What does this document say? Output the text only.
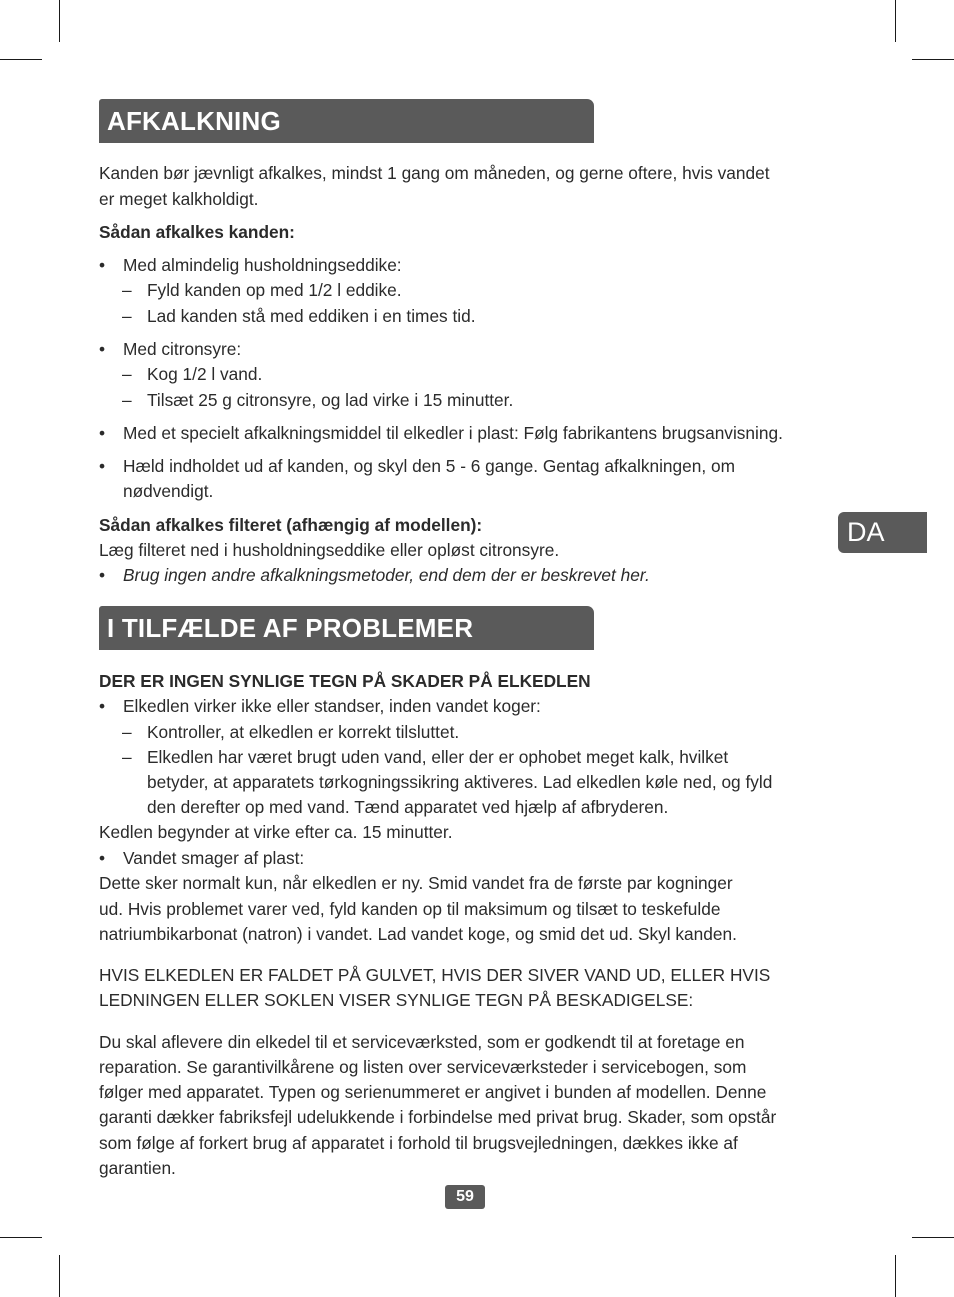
AFKALKNING
Kanden bør jævnligt afkalkes, mindst 1 gang om måneden, og gerne oftere, hvis vandet
er meget kalkholdigt.
Sådan afkalkes kanden:
• Med almindelig husholdningseddike:
– Fyld kanden op med 1/2 l eddike.
– Lad kanden stå med eddiken i en times tid.
• Med citronsyre:
– Kog 1/2 l vand.
– Tilsæt 25 g citronsyre, og lad virke i 15 minutter.
• Med et specielt afkalkningsmiddel til elkedler i plast: Følg fabrikantens brugsanvisning.
• Hæld indholdet ud af kanden, og skyl den 5 - 6 gange. Gentag afkalkningen, om
nødvendigt.
Sådan afkalkes filteret (afhængig af modellen):
Læg filteret ned i husholdningseddike eller opløst citronsyre.
• Brug ingen andre afkalkningsmetoder, end dem der er beskrevet her.
I TILFÆLDE AF PROBLEMER
DER ER INGEN SYNLIGE TEGN PÅ SKADER PÅ ELKEDLEN
• Elkedlen virker ikke eller standser, inden vandet koger:
– Kontroller, at elkedlen er korrekt tilsluttet.
– Elkedlen har været brugt uden vand, eller der er ophobet meget kalk, hvilket
betyder, at apparatets tørkogningssikring aktiveres. Lad elkedlen køle ned, og fyld
den derefter op med vand. Tænd apparatet ved hjælp af afbryderen.
Kedlen begynder at virke efter ca. 15 minutter.
• Vandet smager af plast:
Dette sker normalt kun, når elkedlen er ny. Smid vandet fra de første par kogninger
ud. Hvis problemet varer ved, fyld kanden op til maksimum og tilsæt to teskefulde
natriumbikarbonat (natron) i vandet. Lad vandet koge, og smid det ud. Skyl kanden.
HVIS ELKEDLEN ER FALDET PÅ GULVET, HVIS DER SIVER VAND UD, ELLER HVIS
LEDNINGEN ELLER SOKLEN VISER SYNLIGE TEGN PÅ BESKADIGELSE:
Du skal aflevere din elkedel til et serviceværksted, som er godkendt til at foretage en
reparation. Se garantivilkårene og listen over serviceværksteder i servicebogen, som
følger med apparatet. Typen og serienummeret er angivet i bunden af modellen. Denne
garanti dækker fabriksfejl udelukkende i forbindelse med privat brug. Skader, som opstår
som følge af forkert brug af apparatet i forhold til brugsvejledningen, dækkes ikke af
garantien.
DA
59
